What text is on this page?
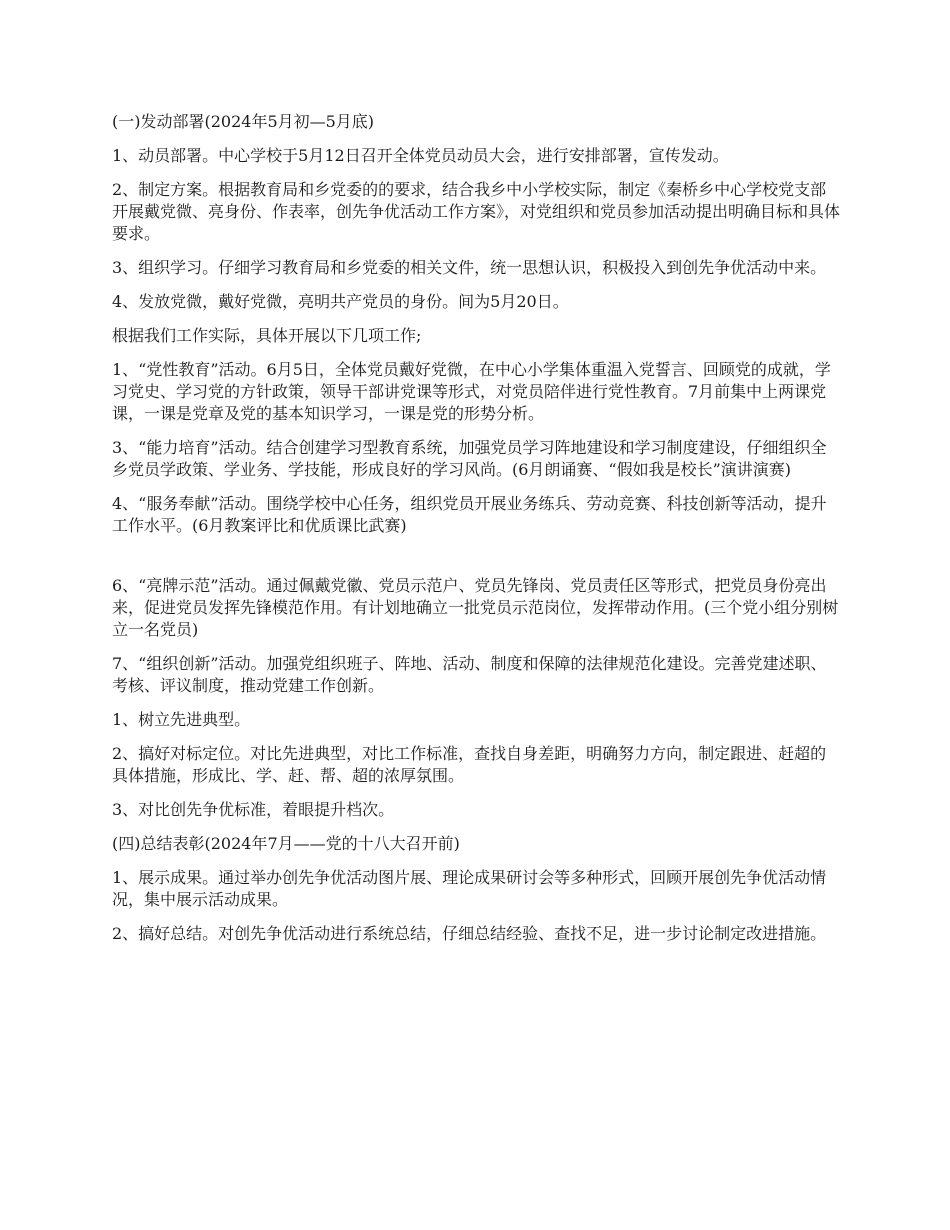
(一)发动部署(2024年5月初—5月底)

1、动员部署。中心学校于5月12日召开全体党员动员大会，进行安排部署，宣传发动。

2、制定方案。根据教育局和乡党委的的要求，结合我乡中小学校实际，制定《秦桥乡中心学校党支部开展戴党微、亮身份、作表率，创先争优活动工作方案》，对党组织和党员参加活动提出明确目标和具体要求。

3、组织学习。仔细学习教育局和乡党委的相关文件，统一思想认识，积极投入到创先争优活动中来。

4、发放党微，戴好党微，亮明共产党员的身份。间为5月20日。

根据我们工作实际，具体开展以下几项工作;

1、“党性教育”活动。6月5日，全体党员戴好党微，在中心小学集体重温入党誓言、回顾党的成就，学习党史、学习党的方针政策，领导干部讲党课等形式，对党员陪伴进行党性教育。7月前集中上两课党课，一课是党章及党的基本知识学习，一课是党的形势分析。

3、“能力培育”活动。结合创建学习型教育系统，加强党员学习阵地建设和学习制度建设，仔细组织全乡党员学政策、学业务、学技能，形成良好的学习风尚。(6月朗诵赛、“假如我是校长”演讲演赛)

4、“服务奉献”活动。围绕学校中心任务，组织党员开展业务练兵、劳动竞赛、科技创新等活动，提升工作水平。(6月教案评比和优质课比武赛)

6、“亮牌示范”活动。通过佩戴党徽、党员示范户、党员先锋岗、党员责任区等形式，把党员身份亮出来，促进党员发挥先锋模范作用。有计划地确立一批党员示范岗位，发挥带动作用。(三个党小组分别树立一名党员)

7、“组织创新”活动。加强党组织班子、阵地、活动、制度和保障的法律规范化建设。完善党建述职、考核、评议制度，推动党建工作创新。

1、树立先进典型。

2、搞好对标定位。对比先进典型，对比工作标准，查找自身差距，明确努力方向，制定跟进、赶超的具体措施，形成比、学、赶、帮、超的浓厚氛围。

3、对比创先争优标准，着眼提升档次。

(四)总结表彰(2024年7月——党的十八大召开前)

1、展示成果。通过举办创先争优活动图片展、理论成果研讨会等多种形式，回顾开展创先争优活动情况，集中展示活动成果。

2、搞好总结。对创先争优活动进行系统总结，仔细总结经验、查找不足，进一步讨论制定改进措施。
